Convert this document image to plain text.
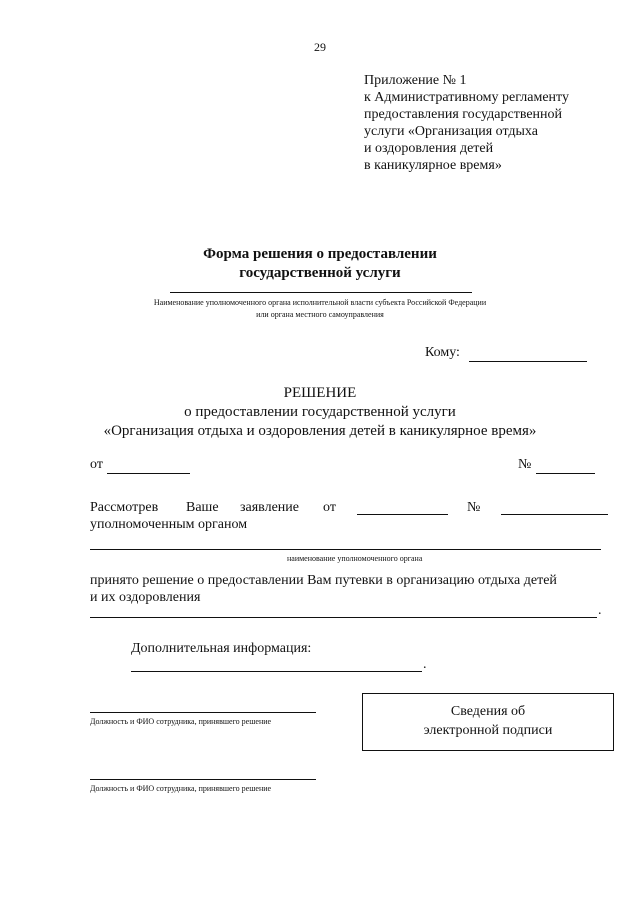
29
Приложение № 1
к Административному регламенту
предоставления государственной
услуги «Организация отдыха
и оздоровления детей
в каникулярное время»
Форма решения о предоставлении
государственной услуги
Наименование уполномоченного органа исполнительной власти субъекта Российской Федерации
или органа местного самоуправления
Кому:
РЕШЕНИЕ
о предоставлении государственной услуги
«Организация отдыха и оздоровления детей в каникулярное время»
от	№
Рассмотрев Ваше заявление от	№
уполномоченным органом
наименование уполномоченного органа
принято решение о предоставлении Вам путевки в организацию отдыха детей
и их оздоровления
.
Дополнительная информация:
.
Должность и ФИО сотрудника, принявшего решение
Сведения об
электронной подписи
Должность и ФИО сотрудника, принявшего решение
